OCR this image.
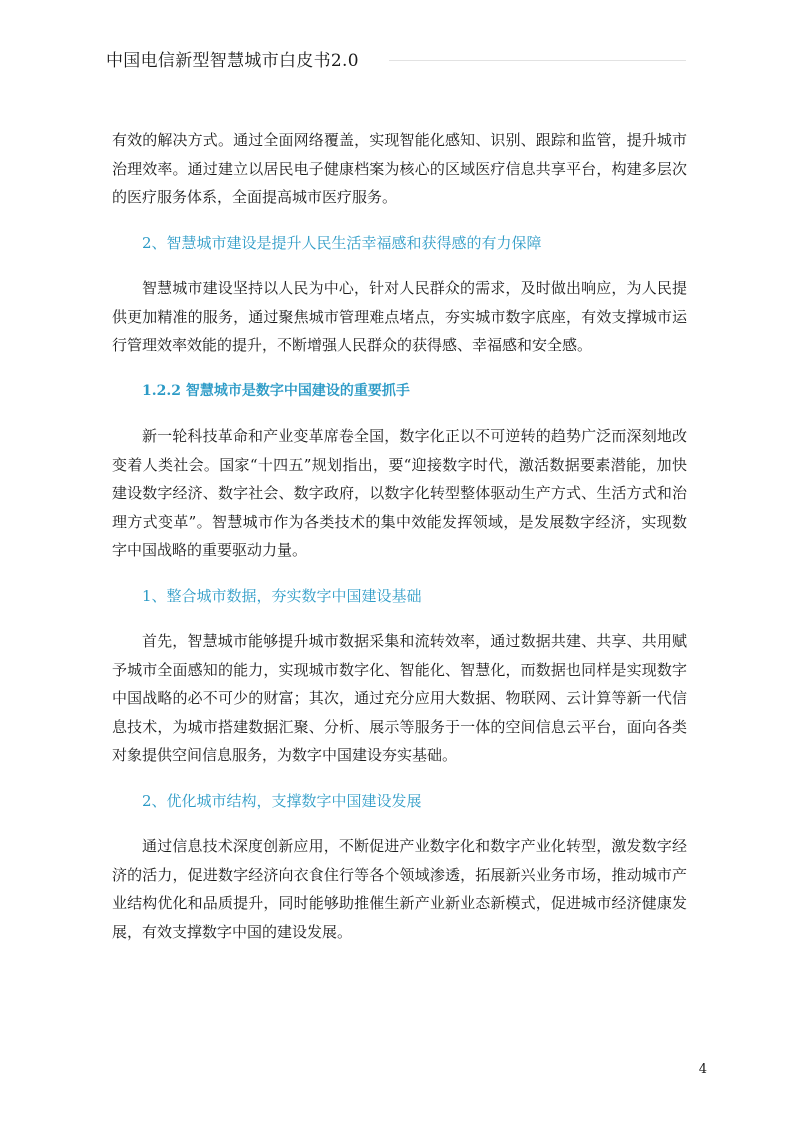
中国电信新型智慧城市白皮书2.0

有效的解决方式。通过全面网络覆盖，实现智能化感知、识别、跟踪和监管，提升城市治理效率。通过建立以居民电子健康档案为核心的区域医疗信息共享平台，构建多层次的医疗服务体系，全面提高城市医疗服务。

2、智慧城市建设是提升人民生活幸福感和获得感的有力保障

智慧城市建设坚持以人民为中心，针对人民群众的需求，及时做出响应，为人民提供更加精准的服务，通过聚焦城市管理难点堵点，夯实城市数字底座，有效支撑城市运行管理效率效能的提升，不断增强人民群众的获得感、幸福感和安全感。

1.2.2 智慧城市是数字中国建设的重要抓手

新一轮科技革命和产业变革席卷全国，数字化正以不可逆转的趋势广泛而深刻地改变着人类社会。国家“十四五”规划指出，要“迎接数字时代，激活数据要素潜能，加快建设数字经济、数字社会、数字政府，以数字化转型整体驱动生产方式、生活方式和治理方式变革”。智慧城市作为各类技术的集中效能发挥领域，是发展数字经济，实现数字中国战略的重要驱动力量。

1、整合城市数据，夯实数字中国建设基础

首先，智慧城市能够提升城市数据采集和流转效率，通过数据共建、共享、共用赋予城市全面感知的能力，实现城市数字化、智能化、智慧化，而数据也同样是实现数字中国战略的必不可少的财富；其次，通过充分应用大数据、物联网、云计算等新一代信息技术，为城市搭建数据汇聚、分析、展示等服务于一体的空间信息云平台，面向各类对象提供空间信息服务，为数字中国建设夯实基础。

2、优化城市结构，支撑数字中国建设发展

通过信息技术深度创新应用，不断促进产业数字化和数字产业化转型，激发数字经济的活力，促进数字经济向衣食住行等各个领域渗透，拓展新兴业务市场，推动城市产业结构优化和品质提升，同时能够助推催生新产业新业态新模式，促进城市经济健康发展，有效支撑数字中国的建设发展。

4
